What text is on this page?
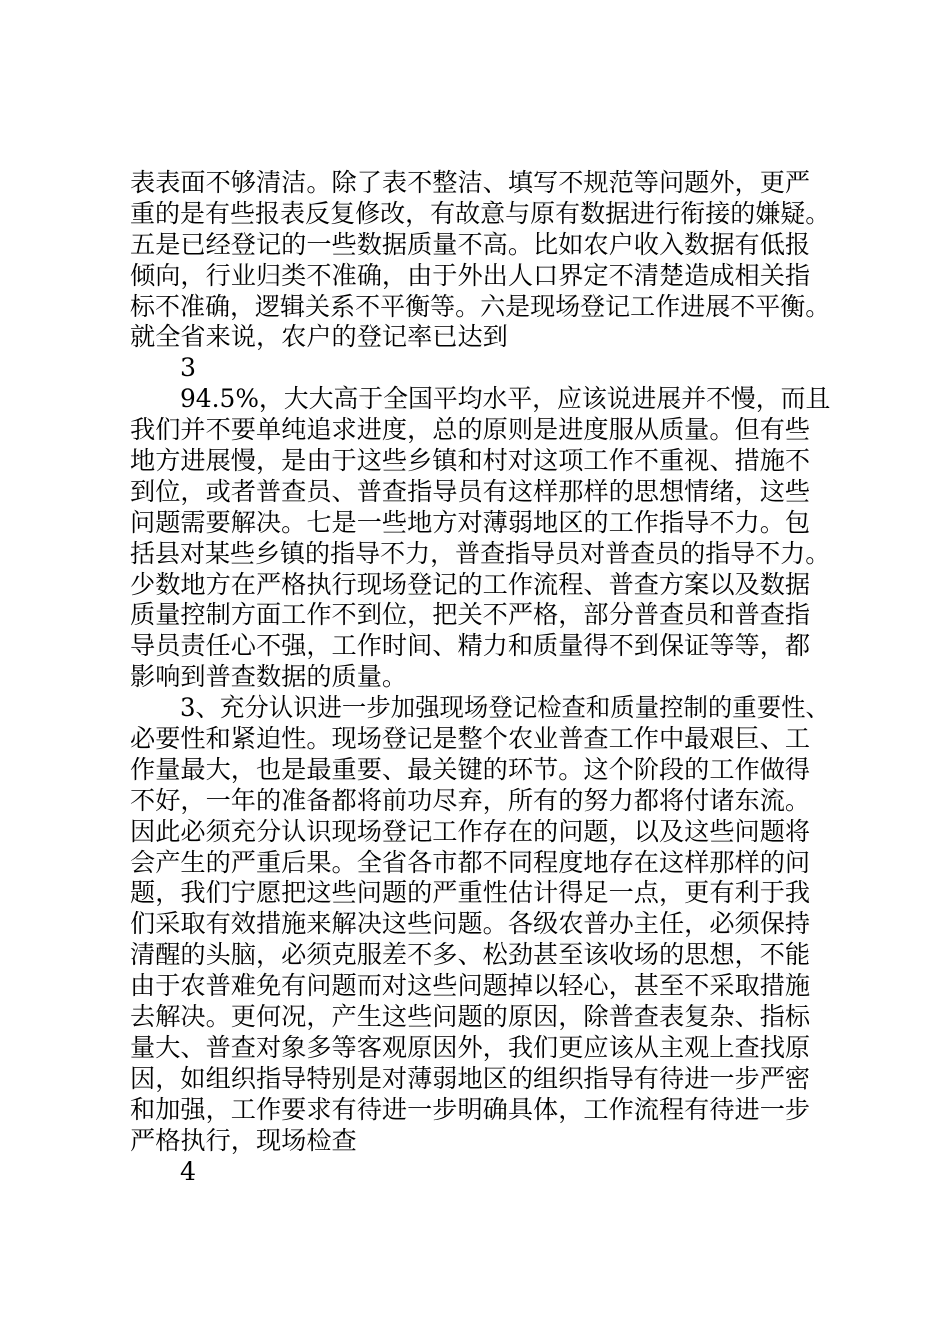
表表面不够清洁。除了表不整洁、填写不规范等问题外，更严
重的是有些报表反复修改，有故意与原有数据进行衔接的嫌疑。
五是已经登记的一些数据质量不高。比如农户收入数据有低报
倾向，行业归类不准确，由于外出人口界定不清楚造成相关指
标不准确，逻辑关系不平衡等。六是现场登记工作进展不平衡。
就全省来说，农户的登记率已达到
3
94.5%，大大高于全国平均水平，应该说进展并不慢，而且
我们并不要单纯追求进度，总的原则是进度服从质量。但有些
地方进展慢，是由于这些乡镇和村对这项工作不重视、措施不
到位，或者普查员、普查指导员有这样那样的思想情绪，这些
问题需要解决。七是一些地方对薄弱地区的工作指导不力。包
括县对某些乡镇的指导不力，普查指导员对普查员的指导不力。
少数地方在严格执行现场登记的工作流程、普查方案以及数据
质量控制方面工作不到位，把关不严格，部分普查员和普查指
导员责任心不强，工作时间、精力和质量得不到保证等等，都
影响到普查数据的质量。
3、充分认识进一步加强现场登记检查和质量控制的重要性、
必要性和紧迫性。现场登记是整个农业普查工作中最艰巨、工
作量最大，也是最重要、最关键的环节。这个阶段的工作做得
不好，一年的准备都将前功尽弃，所有的努力都将付诸东流。
因此必须充分认识现场登记工作存在的问题，以及这些问题将
会产生的严重后果。全省各市都不同程度地存在这样那样的问
题，我们宁愿把这些问题的严重性估计得足一点，更有利于我
们采取有效措施来解决这些问题。各级农普办主任，必须保持
清醒的头脑，必须克服差不多、松劲甚至该收场的思想，不能
由于农普难免有问题而对这些问题掉以轻心，甚至不采取措施
去解决。更何况，产生这些问题的原因，除普查表复杂、指标
量大、普查对象多等客观原因外，我们更应该从主观上查找原
因，如组织指导特别是对薄弱地区的组织指导有待进一步严密
和加强，工作要求有待进一步明确具体，工作流程有待进一步
严格执行，现场检查
4
